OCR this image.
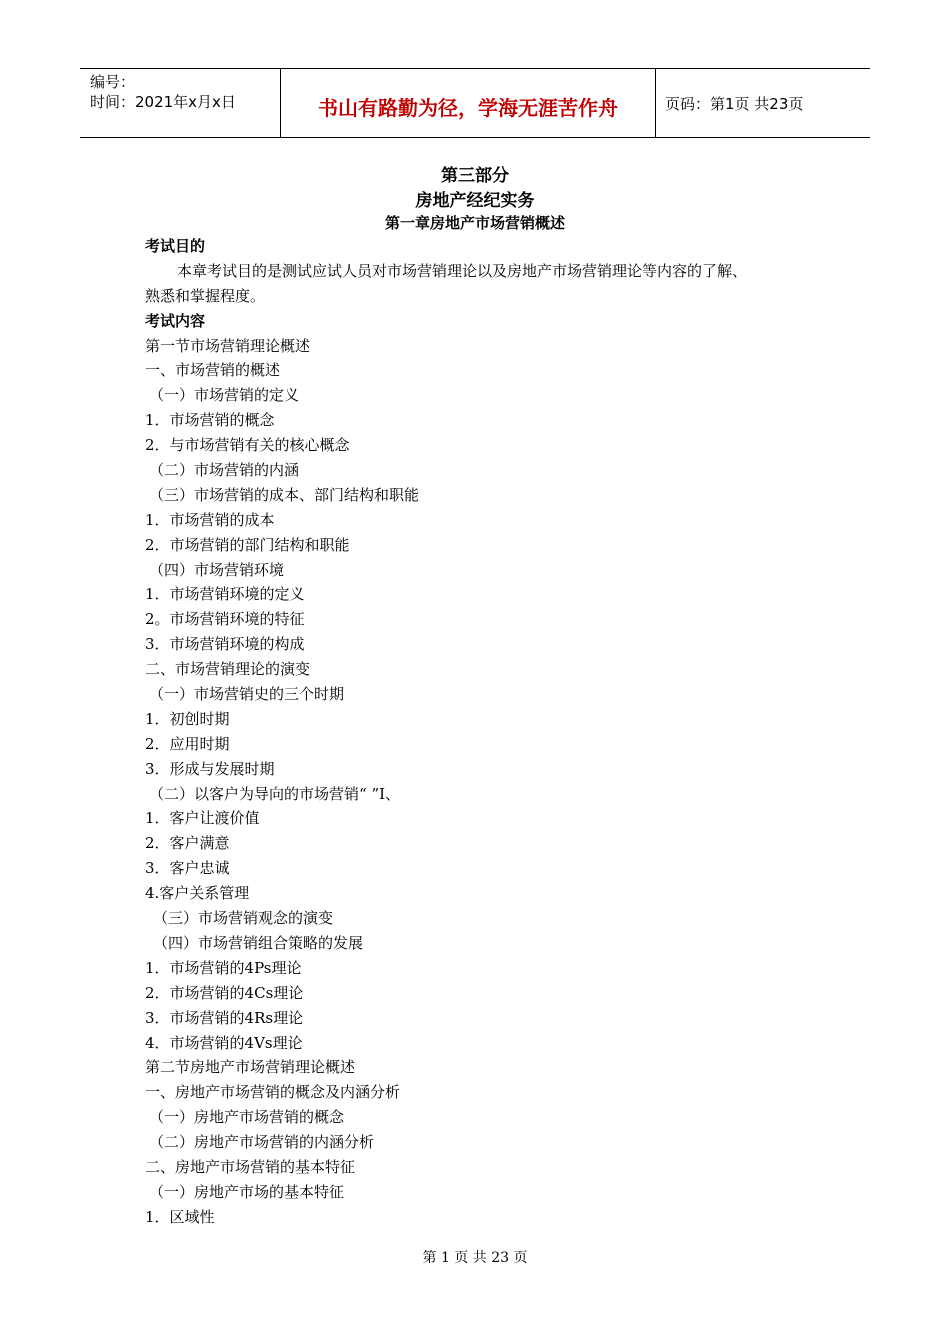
编号：
时间：2021年x月x日	书山有路勤为径，学海无涯苦作舟	页码：第1页 共23页
第三部分
房地产经纪实务
第一章房地产市场营销概述
考试目的
本章考试目的是测试应试人员对市场营销理论以及房地产市场营销理论等内容的了解、
熟悉和掌握程度。
考试内容
第一节市场营销理论概述
一、市场营销的概述
（一）市场营销的定义
1．市场营销的概念
2．与市场营销有关的核心概念
（二）市场营销的内涵
（三）市场营销的成本、部门结构和职能
1．市场营销的成本
2．市场营销的部门结构和职能
（四）市场营销环境
1．市场营销环境的定义
2。市场营销环境的特征
3．市场营销环境的构成
二、市场营销理论的演变
（一）市场营销史的三个时期
1．初创时期
2．应用时期
3．形成与发展时期
（二）以客户为导向的市场营销“ ”Ⅰ、
1．客户让渡价值
2．客户满意
3．客户忠诚
4.客户关系管理
（三）市场营销观念的演变
（四）市场营销组合策略的发展
1．市场营销的4Ps理论
2．市场营销的4Cs理论
3．市场营销的4Rs理论
4．市场营销的4Vs理论
第二节房地产市场营销理论概述
一、房地产市场营销的概念及内涵分析
（一）房地产市场营销的概念
（二）房地产市场营销的内涵分析
二、房地产市场营销的基本特征
（一）房地产市场的基本特征
1．区域性
第 1 页 共 23 页
